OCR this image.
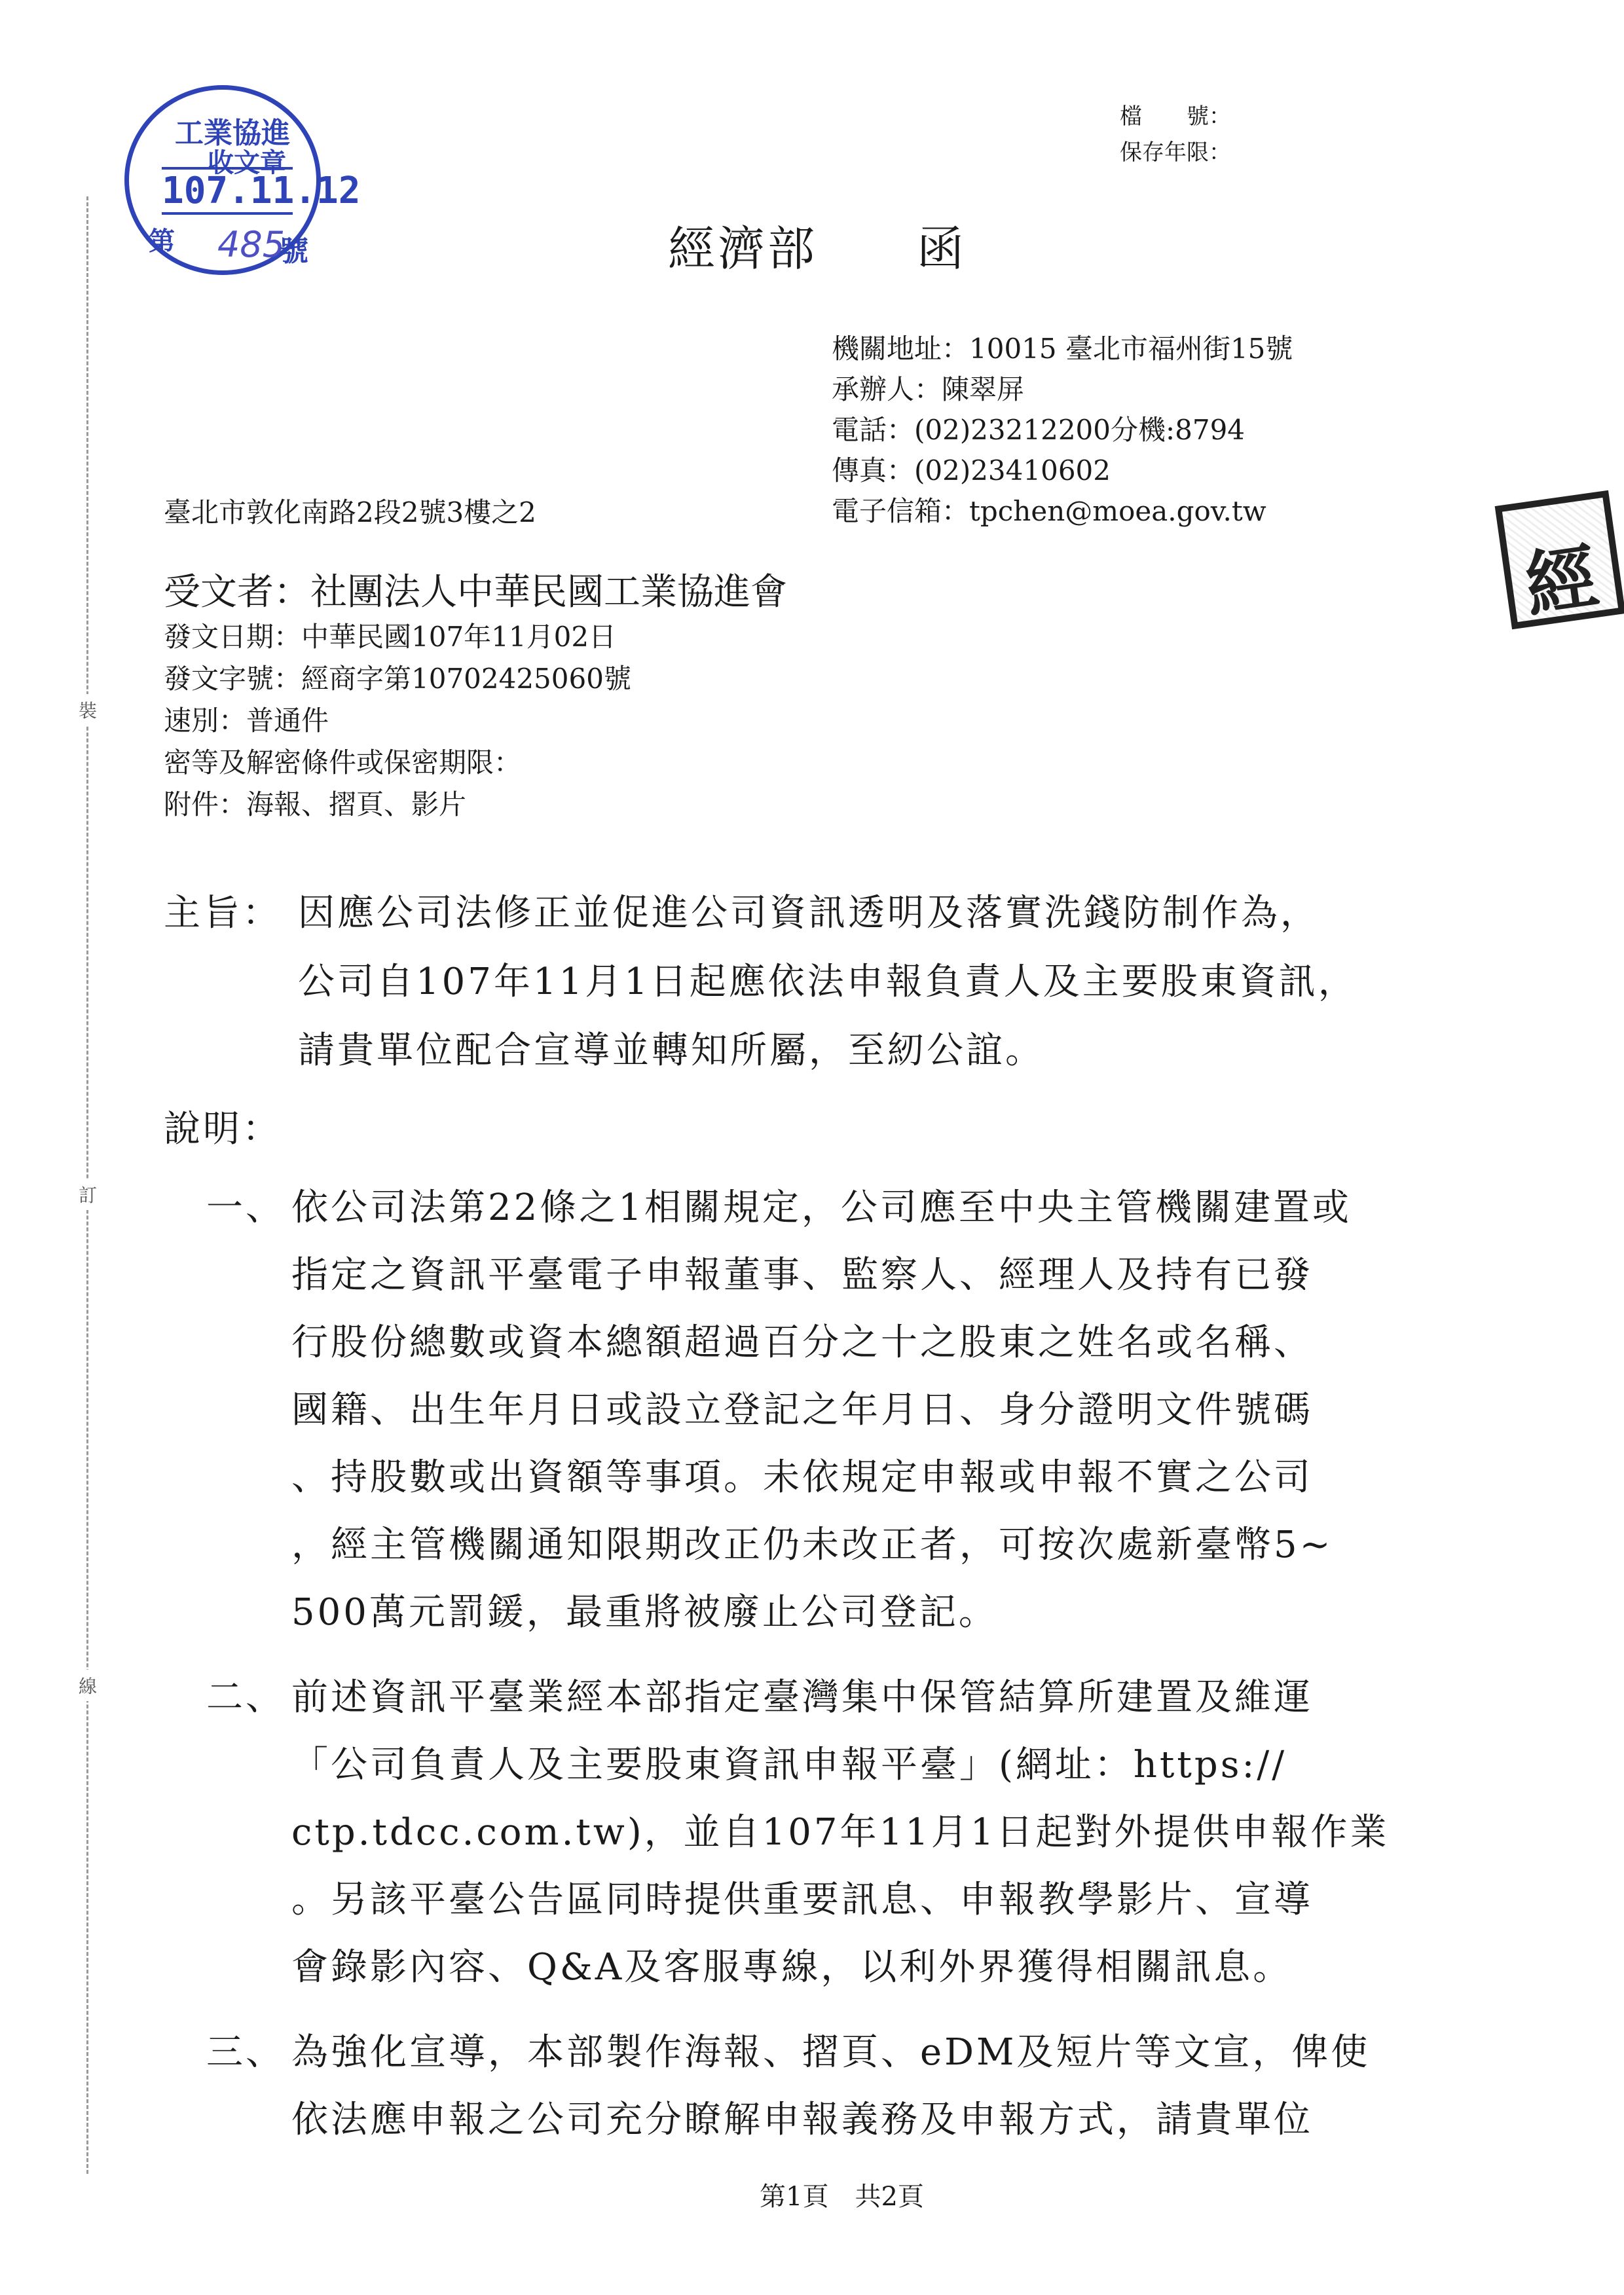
裝
訂
線
工業協進
收文章
107.11.12
第 485
號
經
檔　　號：
保存年限：
經濟部　　函
機關地址：10015 臺北市福州街15號
承辦人：陳翠屏
電話：(02)23212200分機:8794
傳真：(02)23410602
電子信箱：tpchen@moea.gov.tw
臺北市敦化南路2段2號3樓之2
受文者：社團法人中華民國工業協進會
發文日期：中華民國107年11月02日
發文字號：經商字第10702425060號
速別：普通件
密等及解密條件或保密期限：
附件：海報、摺頁、影片
主旨： 因應公司法修正並促進公司資訊透明及落實洗錢防制作為，
公司自107年11月1日起應依法申報負責人及主要股東資訊，
請貴單位配合宣導並轉知所屬，至紉公誼。
說明：
一、 依公司法第22條之1相關規定，公司應至中央主管機關建置或
指定之資訊平臺電子申報董事、監察人、經理人及持有已發
行股份總數或資本總額超過百分之十之股東之姓名或名稱、
國籍、出生年月日或設立登記之年月日、身分證明文件號碼
、持股數或出資額等事項。未依規定申報或申報不實之公司
，經主管機關通知限期改正仍未改正者，可按次處新臺幣5~
500萬元罰鍰，最重將被廢止公司登記。
二、 前述資訊平臺業經本部指定臺灣集中保管結算所建置及維運
「公司負責人及主要股東資訊申報平臺」(網址：https://
ctp.tdcc.com.tw)，並自107年11月1日起對外提供申報作業
。另該平臺公告區同時提供重要訊息、申報教學影片、宣導
會錄影內容、Q&A及客服專線，以利外界獲得相關訊息。
三、 為強化宣導，本部製作海報、摺頁、eDM及短片等文宣，俾使
依法應申報之公司充分瞭解申報義務及申報方式，請貴單位
第1頁　共2頁
